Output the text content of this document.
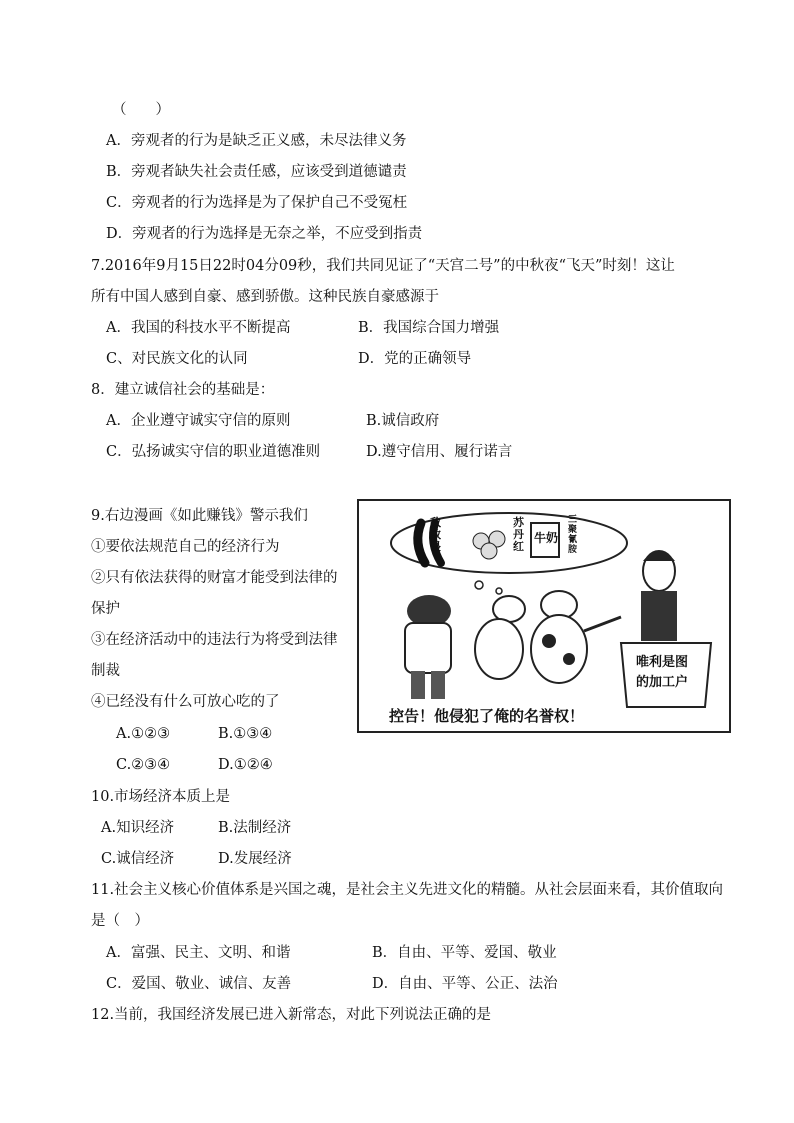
（　　）
A．旁观者的行为是缺乏正义感，未尽法律义务
B．旁观者缺失社会责任感，应该受到道德谴责
C．旁观者的行为选择是为了保护自己不受冤枉
D．旁观者的行为选择是无奈之举，不应受到指责
7.2016年9月15日22时04分09秒，我们共同见证了“天宫二号”的中秋夜“飞天”时刻！这让
所有中国人感到自豪、感到骄傲。这种民族自豪感源于
A．我国的科技水平不断提高	B．我国综合国力增强
C、对民族文化的认同	D．党的正确领导
8．建立诚信社会的基础是：
A．企业遵守诚实守信的原则	B.诚信政府
C．弘扬诚实守信的职业道德准则	D.遵守信用、履行诺言
9.右边漫画《如此赚钱》警示我们
①要依法规范自己的经济行为
②只有依法获得的财富才能受到法律的
保护
③在经济活动中的违法行为将受到法律
制裁
④已经没有什么可放心吃的了
A.①②③	B.①③④
C.②③④	D.①②④
敌敌畏
苏丹红
牛奶
三聚氰胺
唯利是图
的加工户
控告！他侵犯了俺的名誉权！
10.市场经济本质上是
A.知识经济	B.法制经济
C.诚信经济	D.发展经济
11.社会主义核心价值体系是兴国之魂，是社会主义先进文化的精髓。从社会层面来看，其价值取向
是（　）
A．富强、民主、文明、和谐	B．自由、平等、爱国、敬业
C．爱国、敬业、诚信、友善	D．自由、平等、公正、法治
12.当前，我国经济发展已进入新常态，对此下列说法正确的是
